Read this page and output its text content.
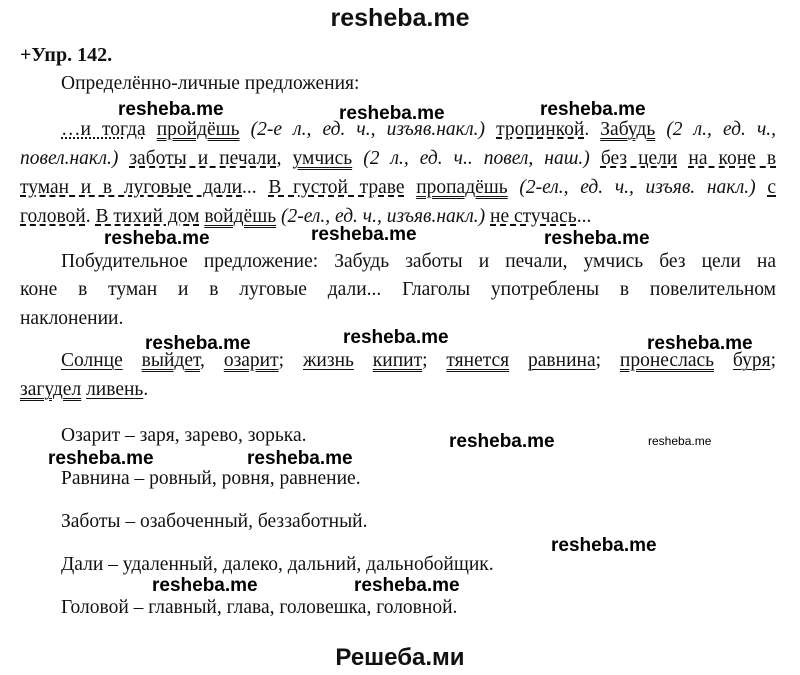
resheba.me
+Упр. 142.
Определённо-личные предложения:
…и тогда пройдёшь (2-е л., ед. ч., изъяв.накл.) тропинкой. Забудь (2 л., ед. ч.,
повел.накл.) заботы и печали, умчись (2 л., ед. ч.. повел, наш.) без цели на коне в
туман и в луговые дали... В густой траве пропадёшь (2-ел., ед. ч., изъяв. накл.) с
головой. В тихий дом войдёшь (2-ел., ед. ч., изъяв.накл.) не стучась...
Побудительное предложение: Забудь заботы и печали, умчись без цели на
коне в туман и в луговые дали... Глаголы употреблены в повелительном
наклонении.
Солнце выйдет, озарит; жизнь кипит; тянется равнина; пронеслась буря;
загудел ливень.
Озарит – заря, зарево, зорька.
Равнина – ровный, ровня, равнение.
Заботы – озабоченный, беззаботный.
Дали – удаленный, далеко, дальний, дальнобойщик.
Головой – главный, глава, головешка, головной.
resheba.me	resheba.me	resheba.me
resheba.me	resheba.me	resheba.me
resheba.me	resheba.me	resheba.me
resheba.me	resheba.me
resheba.me	resheba.me
resheba.me
resheba.me	resheba.me
Решеба.ми
